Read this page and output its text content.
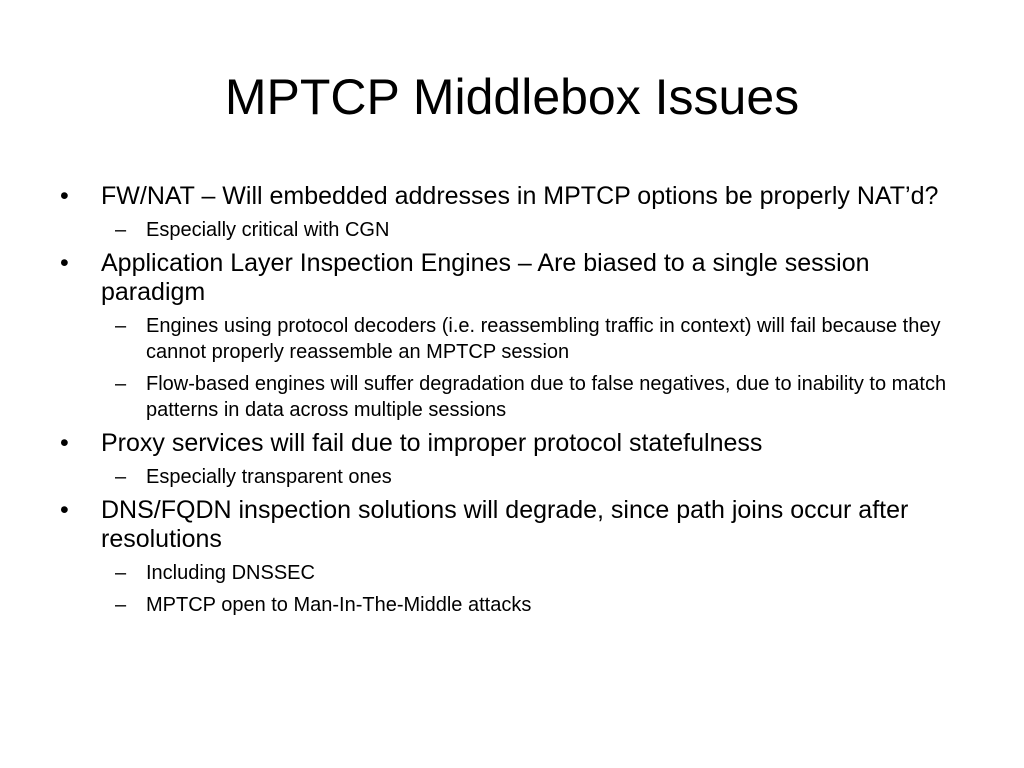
MPTCP Middlebox Issues
•	FW/NAT – Will embedded addresses in MPTCP options be properly NAT’d?
– Especially critical with CGN
•	Application Layer Inspection Engines – Are biased to a single session paradigm
– Engines using protocol decoders (i.e. reassembling traffic in context) will fail because they cannot properly reassemble an MPTCP session
– Flow-based engines will suffer degradation due to false negatives, due to inability to match patterns in data across multiple sessions
•	Proxy services will fail due to improper protocol statefulness
– Especially transparent ones
•	DNS/FQDN inspection solutions will degrade, since path joins occur after resolutions
– Including DNSSEC
– MPTCP open to Man-In-The-Middle attacks
